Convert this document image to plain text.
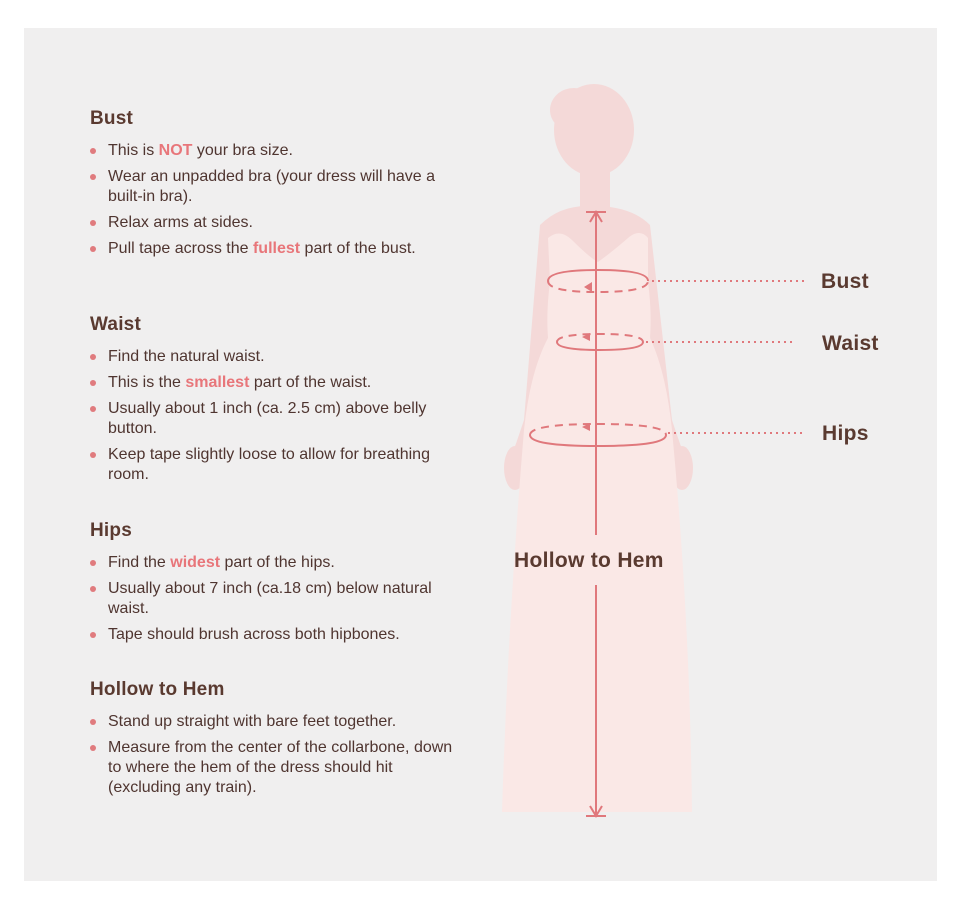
Bust
This is NOT your bra size.
Wear an unpadded bra (your dress will have a built-in bra).
Relax arms at sides.
Pull tape across the fullest part of the bust.
Waist
Find the natural waist.
This is the smallest part of the waist.
Usually about 1 inch (ca. 2.5 cm) above belly button.
Keep tape slightly loose to allow for breathing room.
Hips
Find the widest part of the hips.
Usually about 7 inch (ca.18 cm) below natural waist.
Tape should brush across both hipbones.
Hollow to Hem
Stand up straight with bare feet together.
Measure from the center of the collarbone, down to where the hem of the dress should hit (excluding any train).
Bust
Waist
Hips
Hollow to Hem
